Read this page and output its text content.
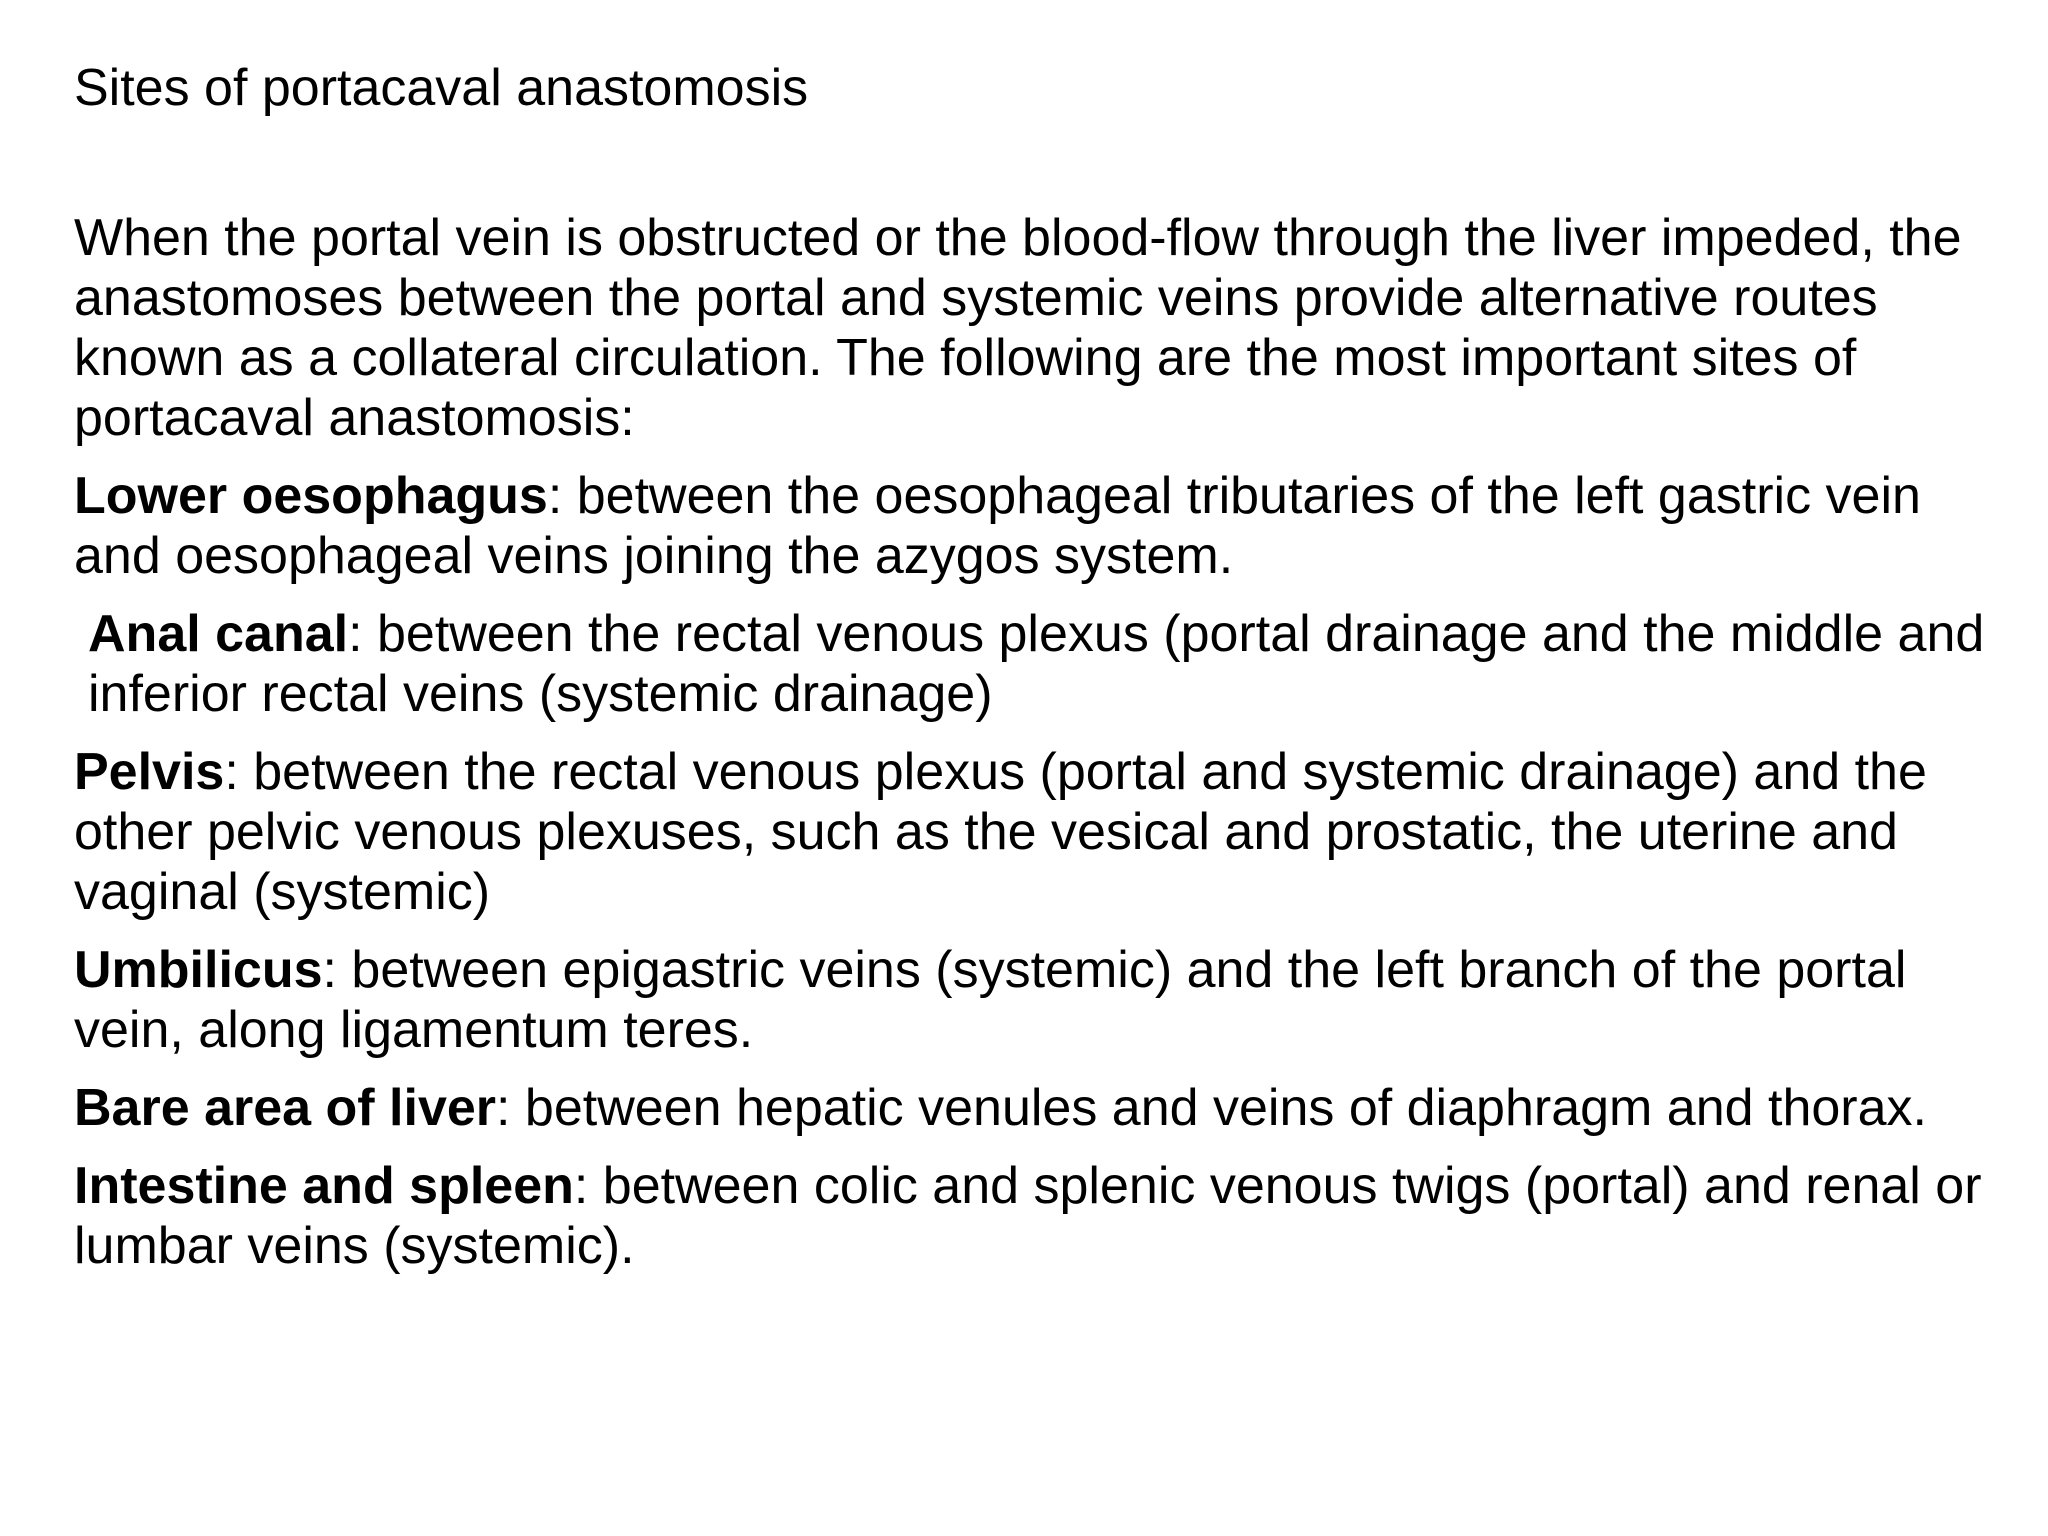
Sites of portacaval anastomosis

When the portal vein is obstructed or the blood-flow through the liver impeded, the anastomoses between the portal and systemic veins provide alternative routes known as a collateral circulation. The following are the most important sites of portacaval anastomosis:

Lower oesophagus: between the oesophageal tributaries of the left gastric vein and oesophageal veins joining the azygos system.

Anal canal: between the rectal venous plexus (portal drainage and the middle and inferior rectal veins (systemic drainage)

Pelvis: between the rectal venous plexus (portal and systemic drainage) and the other pelvic venous plexuses, such as the vesical and prostatic, the uterine and vaginal (systemic)

Umbilicus: between epigastric veins (systemic) and the left branch of the portal vein, along ligamentum teres.

Bare area of liver: between hepatic venules and veins of diaphragm and thorax.

Intestine and spleen: between colic and splenic venous twigs (portal) and renal or lumbar veins (systemic).
